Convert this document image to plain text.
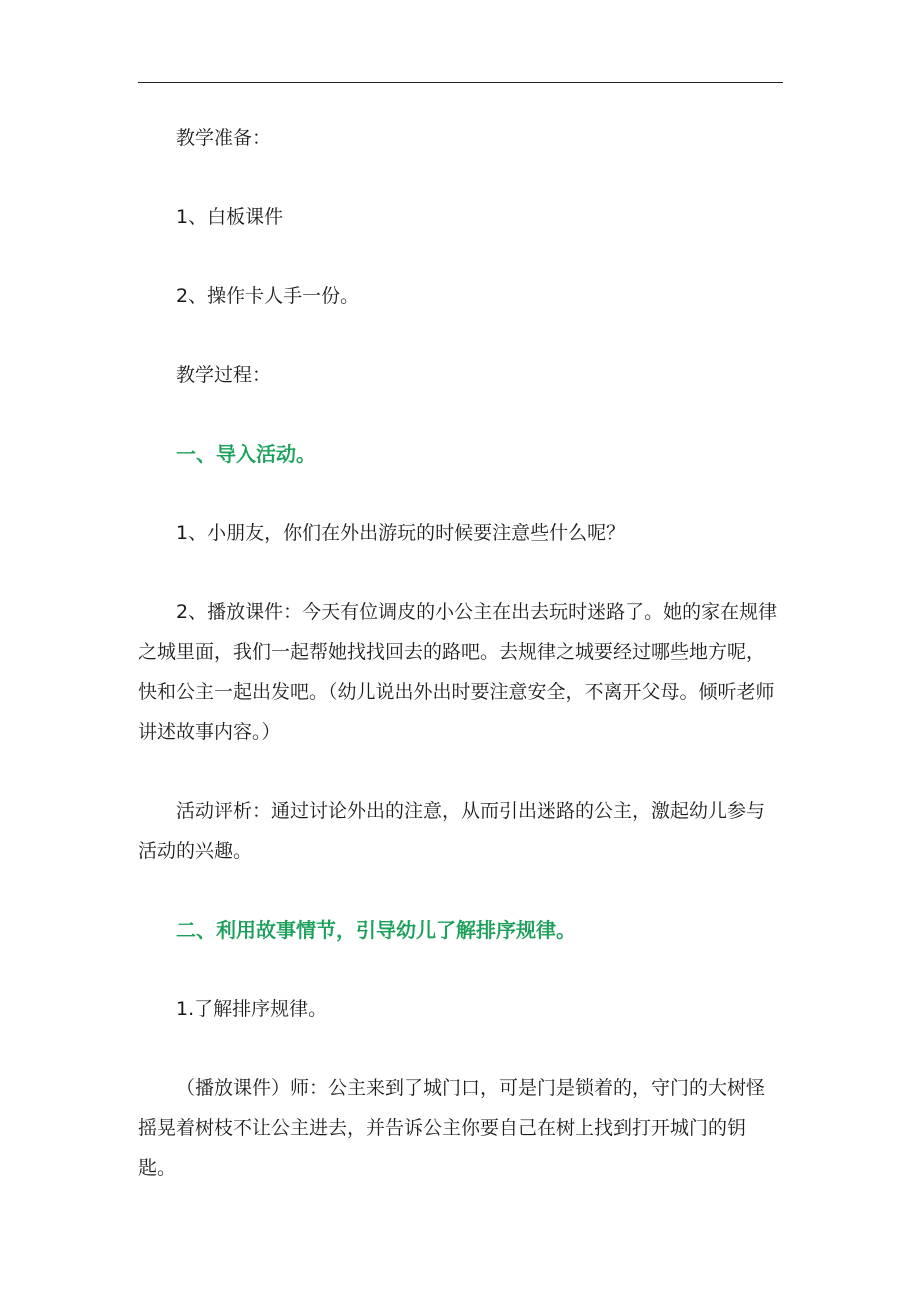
教学准备：

1、白板课件

2、操作卡人手一份。

教学过程：

一、导入活动。

1、小朋友，你们在外出游玩的时候要注意些什么呢？

2、播放课件：今天有位调皮的小公主在出去玩时迷路了。她的家在规律之城里面，我们一起帮她找找回去的路吧。去规律之城要经过哪些地方呢，快和公主一起出发吧。（幼儿说出外出时要注意安全，不离开父母。倾听老师讲述故事内容。）

活动评析：通过讨论外出的注意，从而引出迷路的公主，激起幼儿参与活动的兴趣。

二、利用故事情节，引导幼儿了解排序规律。

1.了解排序规律。

（播放课件）师：公主来到了城门口，可是门是锁着的，守门的大树怪摇晃着树枝不让公主进去，并告诉公主你要自己在树上找到打开城门的钥匙。
